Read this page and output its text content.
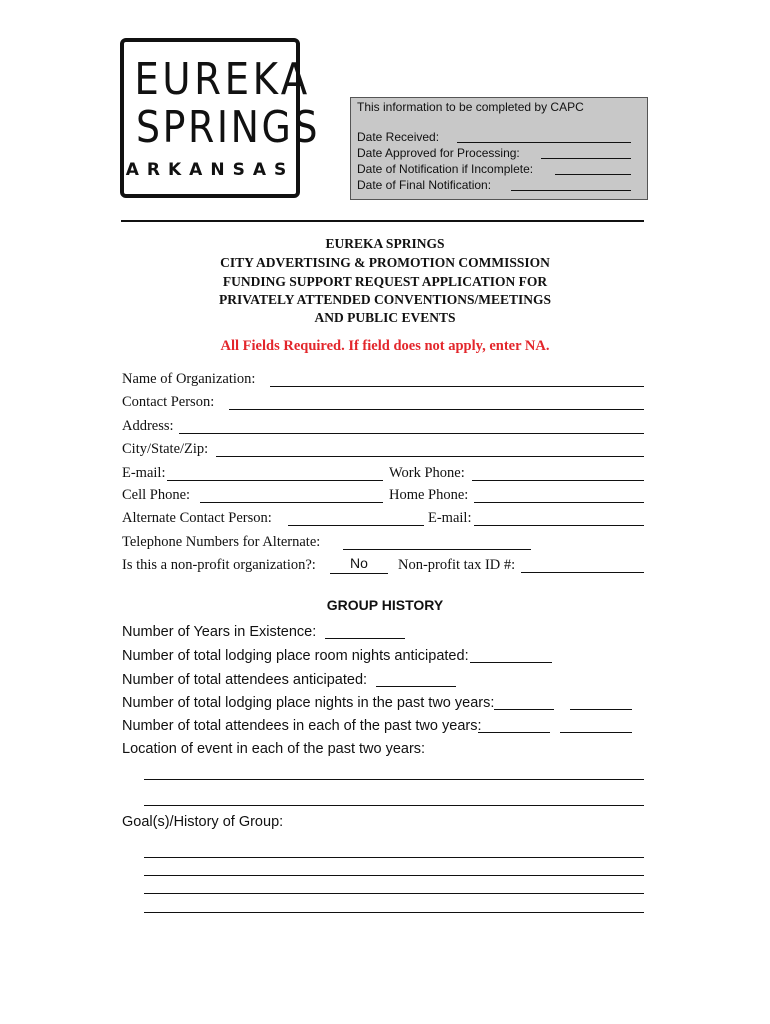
EUREKA
SPRINGS
ARKANSAS
This information to be completed by CAPC
Date Received:
Date Approved for Processing:
Date of Notification if Incomplete:
Date of Final Notification:
EUREKA SPRINGS
CITY ADVERTISING & PROMOTION COMMISSION
FUNDING SUPPORT REQUEST APPLICATION FOR
PRIVATELY ATTENDED CONVENTIONS/MEETINGS
AND PUBLIC EVENTS
All Fields Required. If field does not apply, enter NA.
Name of Organization:
Contact Person:
Address:
City/State/Zip:
E-mail:	Work Phone:
Cell Phone:	Home Phone:
Alternate Contact Person:	E-mail:
Telephone Numbers for Alternate:
Is this a non-profit organization?:	No	Non-profit tax ID #:
GROUP HISTORY
Number of Years in Existence:
Number of total lodging place room nights anticipated:
Number of total attendees anticipated:
Number of total lodging place nights in the past two years:
Number of total attendees in each of the past two years:
Location of event in each of the past two years:
Goal(s)/History of Group:
